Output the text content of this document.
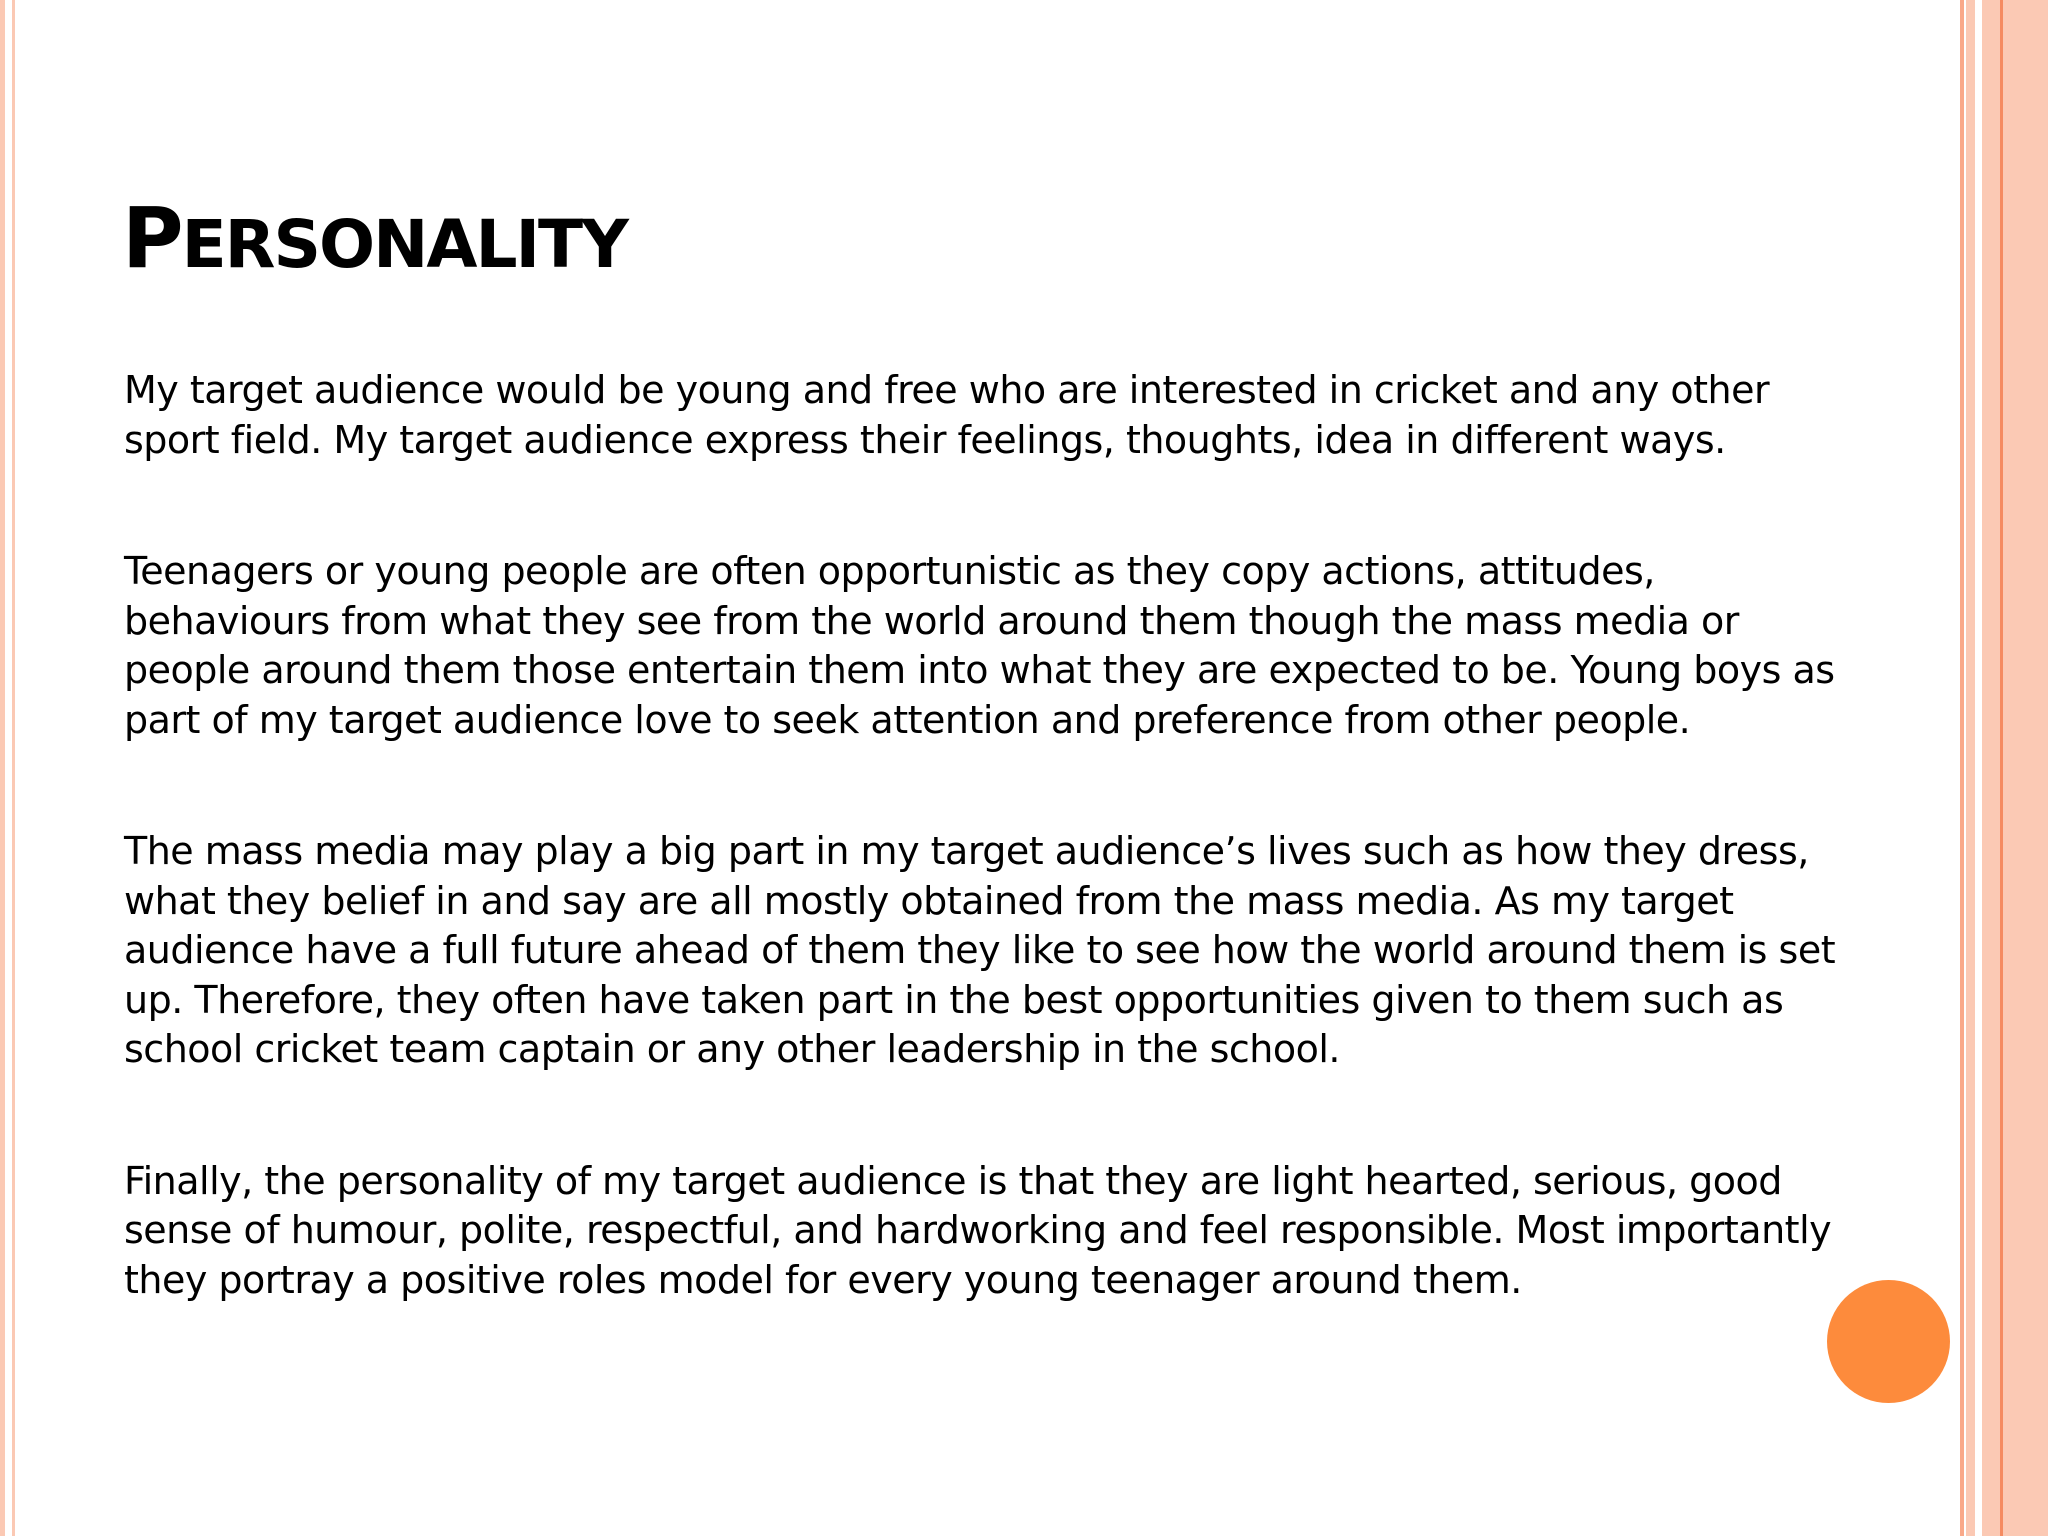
PERSONALITY

My target audience would be young and free who are interested in cricket and any other sport field. My target audience express their feelings, thoughts, idea in different ways.

Teenagers or young people are often opportunistic as they copy actions, attitudes, behaviours from what they see from the world around them though the mass media or people around them those entertain them into what they are expected to be. Young boys as part of my target audience love to seek attention and preference from other people.

The mass media may play a big part in my target audience’s lives such as how they dress, what they belief in and say are all mostly obtained from the mass media. As my target audience have a full future ahead of them they like to see how the world around them is set up. Therefore, they often have taken part in the best opportunities given to them such as school cricket team captain or any other leadership in the school.

Finally, the personality of my target audience is that they are light hearted, serious, good sense of humour, polite, respectful, and hardworking and feel responsible. Most importantly they portray a positive roles model for every young teenager around them.
